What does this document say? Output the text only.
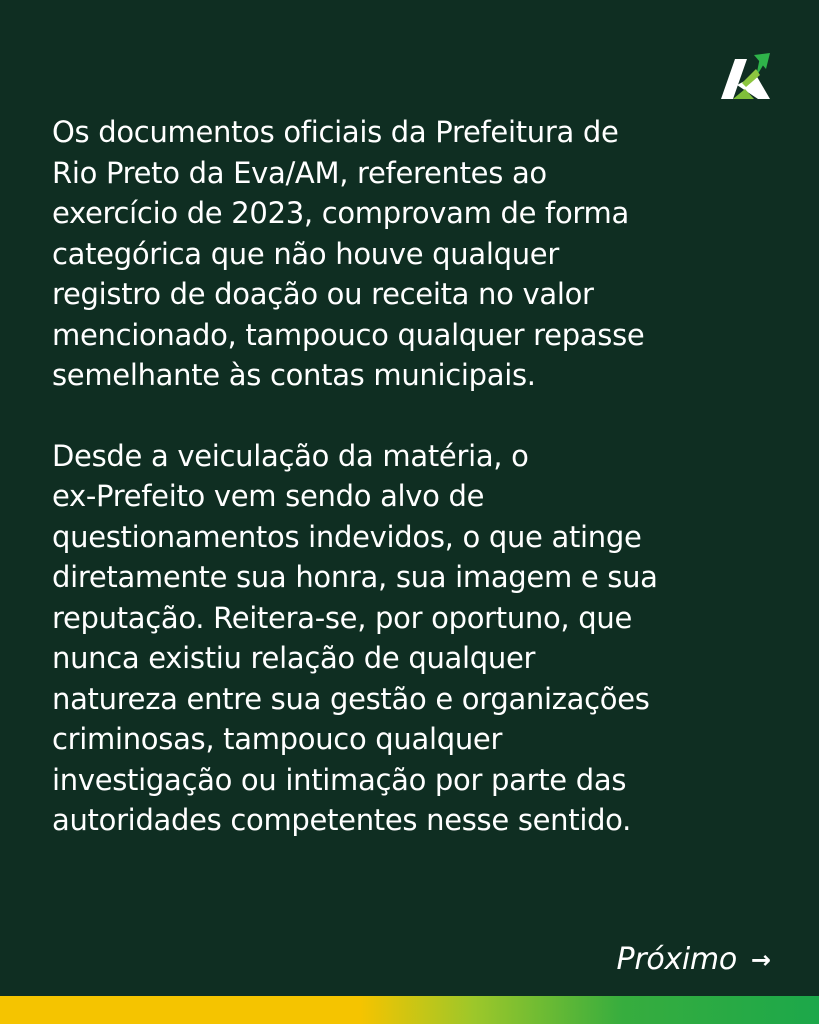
Os documentos oficiais da Prefeitura de
Rio Preto da Eva/AM, referentes ao
exercício de 2023, comprovam de forma
categórica que não houve qualquer
registro de doação ou receita no valor
mencionado, tampouco qualquer repasse
semelhante às contas municipais.

Desde a veiculação da matéria, o
ex-Prefeito vem sendo alvo de
questionamentos indevidos, o que atinge
diretamente sua honra, sua imagem e sua
reputação. Reitera-se, por oportuno, que
nunca existiu relação de qualquer
natureza entre sua gestão e organizações
criminosas, tampouco qualquer
investigação ou intimação por parte das
autoridades competentes nesse sentido.

Próximo →
